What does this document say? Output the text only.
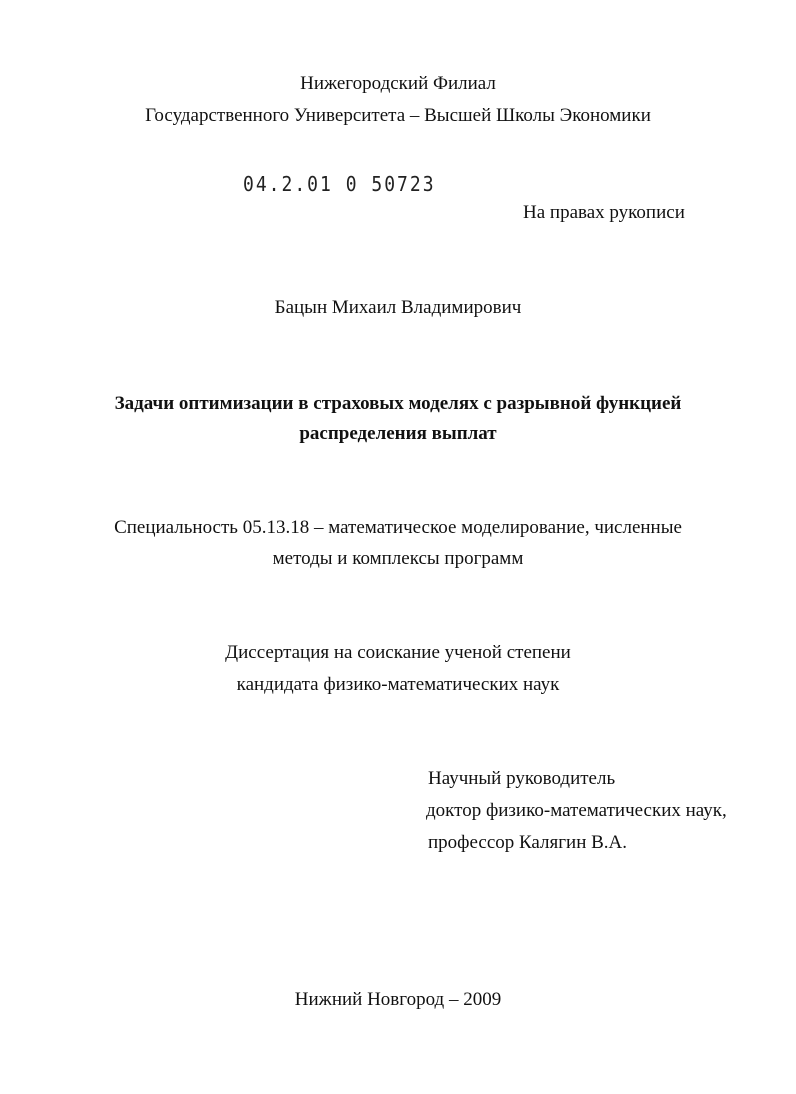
Нижегородский Филиал
Государственного Университета – Высшей Школы Экономики
04.2.01 0 50723
На правах рукописи
Бацын Михаил Владимирович
Задачи оптимизации в страховых моделях с разрывной функцией
распределения выплат
Специальность 05.13.18 – математическое моделирование, численные
методы и комплексы программ
Диссертация на соискание ученой степени
кандидата физико-математических наук
Научный руководитель
доктор физико-математических наук,
профессор Калягин В.А.
Нижний Новгород – 2009
